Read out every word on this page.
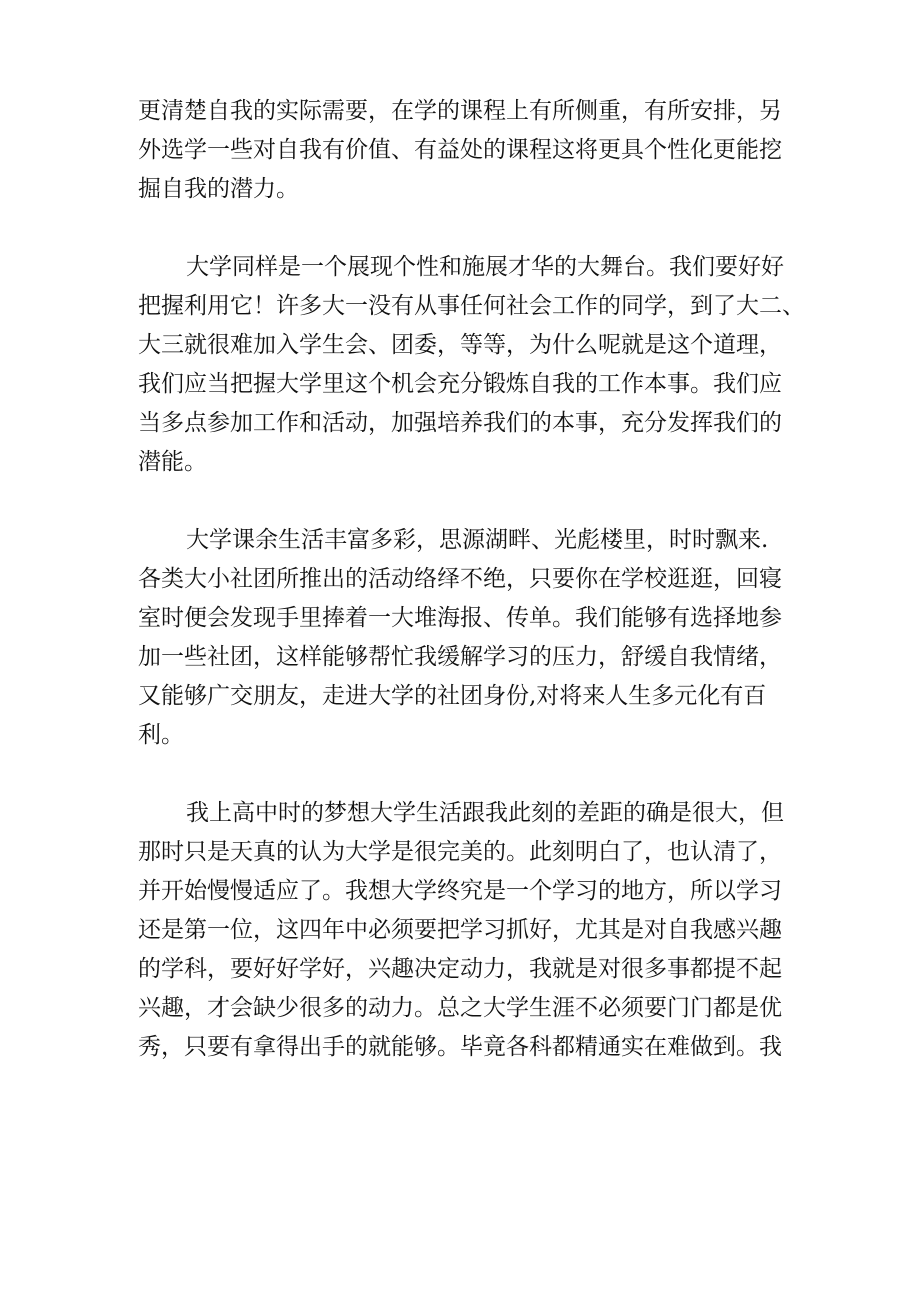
更清楚自我的实际需要，在学的课程上有所侧重，有所安排，另
外选学一些对自我有价值、有益处的课程这将更具个性化更能挖
掘自我的潜力。

大学同样是一个展现个性和施展才华的大舞台。我们要好好
把握利用它！许多大一没有从事任何社会工作的同学，到了大二、
大三就很难加入学生会、团委，等等，为什么呢就是这个道理，
我们应当把握大学里这个机会充分锻炼自我的工作本事。我们应
当多点参加工作和活动，加强培养我们的本事，充分发挥我们的
潜能。

大学课余生活丰富多彩，思源湖畔、光彪楼里，时时飘来.
各类大小社团所推出的活动络绎不绝，只要你在学校逛逛，回寝
室时便会发现手里捧着一大堆海报、传单。我们能够有选择地参
加一些社团，这样能够帮忙我缓解学习的压力，舒缓自我情绪，
又能够广交朋友，走进大学的社团身份,对将来人生多元化有百
利。

我上高中时的梦想大学生活跟我此刻的差距的确是很大，但
那时只是天真的认为大学是很完美的。此刻明白了，也认清了，
并开始慢慢适应了。我想大学终究是一个学习的地方，所以学习
还是第一位，这四年中必须要把学习抓好，尤其是对自我感兴趣
的学科，要好好学好，兴趣决定动力，我就是对很多事都提不起
兴趣，才会缺少很多的动力。总之大学生涯不必须要门门都是优
秀，只要有拿得出手的就能够。毕竟各科都精通实在难做到。我
